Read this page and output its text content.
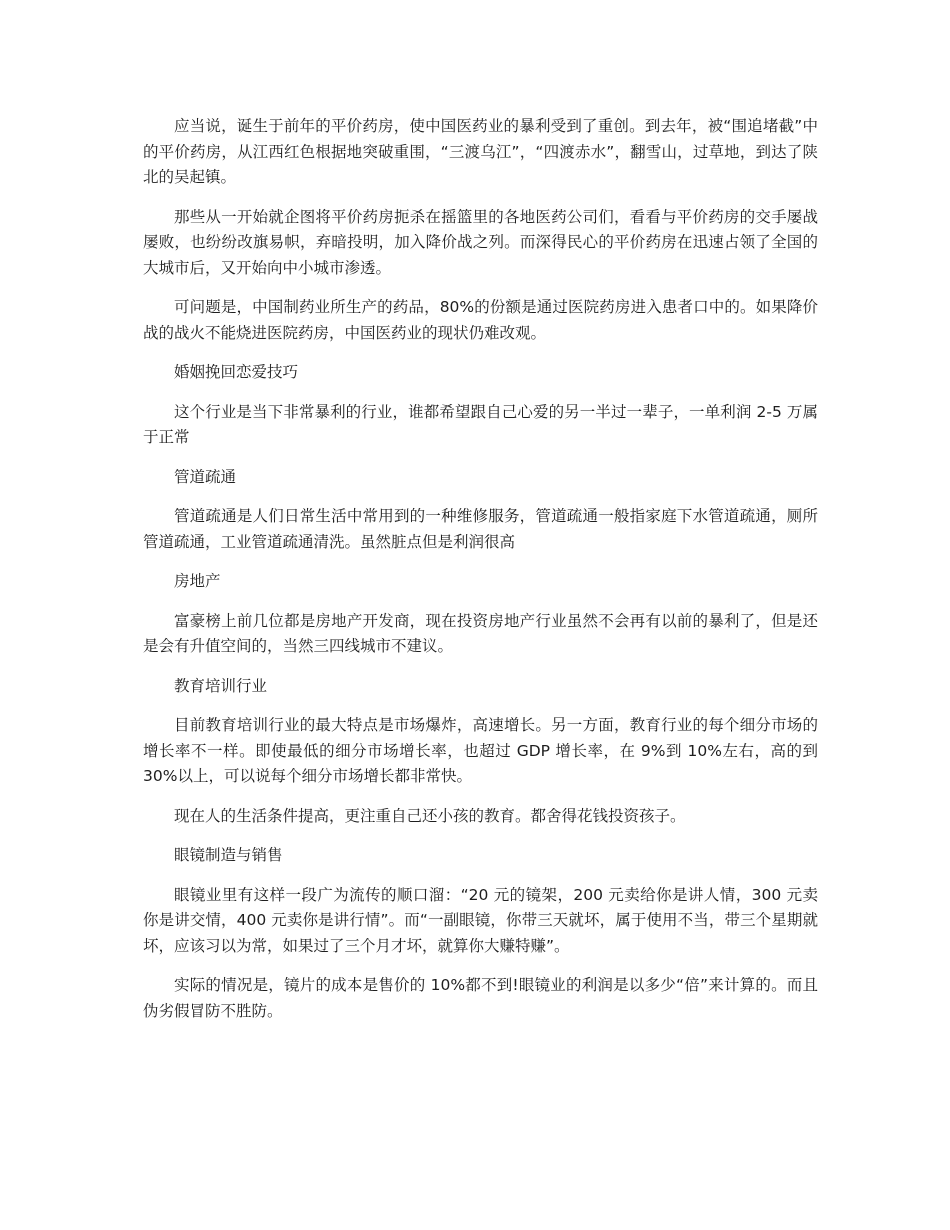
应当说，诞生于前年的平价药房，使中国医药业的暴利受到了重创。到去年，被“围追堵截”中的平价药房，从江西红色根据地突破重围，“三渡乌江”，“四渡赤水”，翻雪山，过草地，到达了陕北的吴起镇。

那些从一开始就企图将平价药房扼杀在摇篮里的各地医药公司们，看看与平价药房的交手屡战屡败，也纷纷改旗易帜，弃暗投明，加入降价战之列。而深得民心的平价药房在迅速占领了全国的大城市后，又开始向中小城市渗透。

可问题是，中国制药业所生产的药品，80%的份额是通过医院药房进入患者口中的。如果降价战的战火不能烧进医院药房，中国医药业的现状仍难改观。

婚姻挽回恋爱技巧

这个行业是当下非常暴利的行业，谁都希望跟自己心爱的另一半过一辈子，一单利润 2-5 万属于正常

管道疏通

管道疏通是人们日常生活中常用到的一种维修服务，管道疏通一般指家庭下水管道疏通，厕所管道疏通，工业管道疏通清洗。虽然脏点但是利润很高

房地产

富豪榜上前几位都是房地产开发商，现在投资房地产行业虽然不会再有以前的暴利了，但是还是会有升值空间的，当然三四线城市不建议。

教育培训行业

目前教育培训行业的最大特点是市场爆炸，高速增长。另一方面，教育行业的每个细分市场的增长率不一样。即使最低的细分市场增长率，也超过 GDP 增长率，在 9%到 10%左右，高的到 30%以上，可以说每个细分市场增长都非常快。

现在人的生活条件提高，更注重自己还小孩的教育。都舍得花钱投资孩子。

眼镜制造与销售

眼镜业里有这样一段广为流传的顺口溜：“20 元的镜架，200 元卖给你是讲人情，300 元卖你是讲交情，400 元卖你是讲行情”。而“一副眼镜，你带三天就坏，属于使用不当，带三个星期就坏，应该习以为常，如果过了三个月才坏，就算你大赚特赚”。

实际的情况是，镜片的成本是售价的 10%都不到!眼镜业的利润是以多少“倍”来计算的。而且伪劣假冒防不胜防。
